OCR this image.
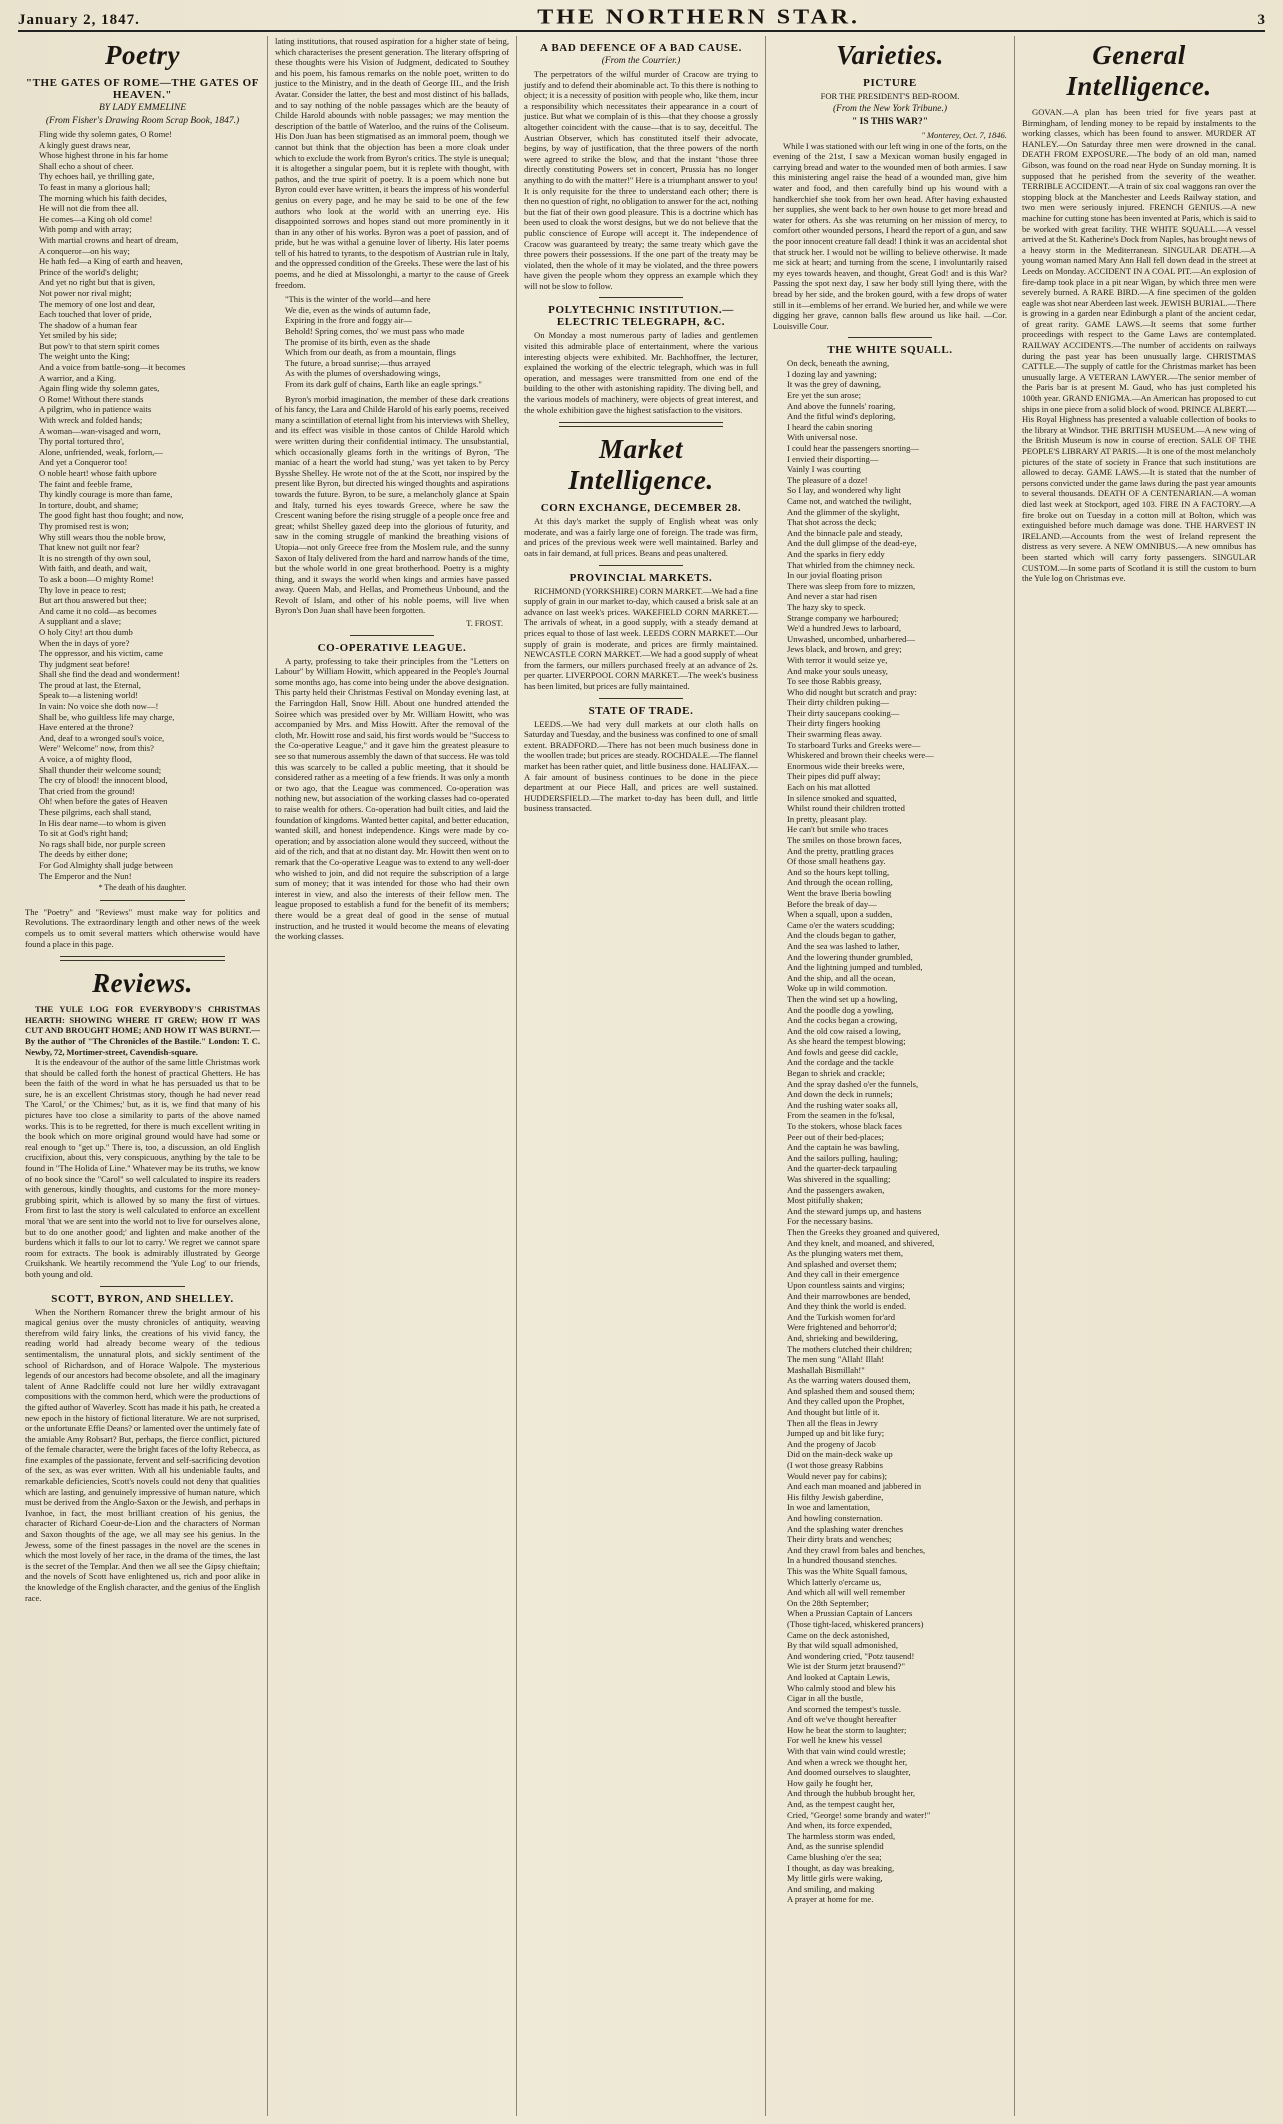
January 2, 1847.	THE NORTHERN STAR.	3
Poetry
"THE GATES OF ROME—THE GATES OF HEAVEN."
BY LADY EMMELINE
(From Fisher's Drawing Room Scrap Book, 1847.)
Fling wide thy solemn gates, O Rome!
A kingly guest draws near,
Whose highest throne in his far home
Shall echo a shout of cheer.
Thy echoes hail, ye thrilling gate,
To feast in many a glorious hall;
The morning which his faith decides,
He will not die from thee all.
He comes—a King oh old come!
With pomp and with array;
With martial crowns and heart of dream,
A conqueror—on his way;
He hath fed—a King of earth and heaven,
Prince of the world's delight;
And yet no right but that is given,
Not power nor rival might;
The memory of one lost and dear,
Each touched that lover of pride,
The shadow of a human fear
Yet smiled by his side;
But pow'r to that stern spirit comes
The weight unto the King;
And a voice from battle-song—it becomes
A warrior, and a King.
Again fling wide thy solemn gates,
O Rome! Without there stands
A pilgrim, who in patience waits
With wreck and folded hands;
A woman—wan-visaged and worn,
Thy portal tortured thro',
Alone, unfriended, weak, forlorn,—
And yet a Conqueror too!
O noble heart! whose faith upbore
The faint and feeble frame,
Thy kindly courage is more than fame,
In torture, doubt, and shame;
The good fight hast thou fought; and now,
Thy promised rest is won;
Why still wears thou the noble brow,
That knew not guilt nor fear?
It is no strength of thy own soul,
With faith, and death, and wait,
To ask a boon—O mighty Rome!
Thy love in peace to rest;
But art thou answered but thee;
And came it no cold—as becomes
A suppliant and a slave;
O holy City! art thou dumb
When the in days of yore?
The oppressor, and his victim, came
Thy judgment seat before!
Shall she find the dead and wonderment!
The proud at last, the Eternal,
Speak to—a listening world!
In vain: No voice she doth now—!
Shall be, who guiltless life may charge,
Have entered at the throne?
And, deaf to a wronged soul's voice,
Were" Welcome" now, from this?
A voice, a of mighty flood,
Shall thunder their welcome sound;
The cry of blood! the innocent blood,
That cried from the ground!
Oh! when before the gates of Heaven
These pilgrims, each shall stand,
In His dear name—to whom is given
To sit at God's right hand;
No rags shall bide, nor purple screen
The deeds by either done;
For God Almighty shall judge between
The Emperor and the Nun!
* The death of his daughter.
The "Poetry" and "Reviews" must make way for politics and Revolutions. The extraordinary length and other news of the week compels us to omit several matters which otherwise would have found a place in this page.
Reviews.
THE YULE LOG FOR EVERYBODY'S CHRISTMAS HEARTH: SHOWING WHERE IT GREW; HOW IT WAS CUT AND BROUGHT HOME; AND HOW IT WAS BURNT.—By the author of "The Chronicles of the Bastile." London: T. C. Newby, 72, Mortimer-street, Cavendish-square.
It is the endeavour of the author of the same little Christmas work that should be called forth the honest of practical Ghetters. He has been the faith of the word in what he has persuaded us that to be sure, he is an excellent Christmas story, though he had never read The 'Carol,' or the 'Chimes;' but, as it is, we find that many of his pictures have too close a similarity to parts of the above named works. This is to be regretted, for there is much excellent writing in the book which on more original ground would have had some or real enough to "get up." There is, too, a discussion, an old English crucifixion, about this, very conspicuous, anything by the tale to be found in "The Holida of Line." Whatever may be its truths, we know of no book since the "Carol" so well calculated to inspire its readers with generous, kindly thoughts, and customs for the more money-grubbing spirit, which is allowed by so many the first of virtues. From first to last the story is well calculated to enforce an excellent moral 'that we are sent into the world not to live for ourselves alone, but to do one another good;' and lighten and make another of the burdens which it falls to our lot to carry.' We regret we cannot spare room for extracts. The book is admirably illustrated by George Cruikshank. We heartily recommend the 'Yule Log' to our friends, both young and old.
SCOTT, BYRON, AND SHELLEY.
When the Northern Romancer threw the bright armour of his magical genius over the musty chronicles of antiquity, weaving therefrom wild fairy links, the creations of his vivid fancy, the reading world had already become weary of the tedious sentimentalism, the unnatural plots, and sickly sentiment of the school of Richardson, and of Horace Walpole. The mysterious legends of our ancestors had become obsolete, and all the imaginary talent of Anne Radcliffe could not lure her wildly extravagant compositions with the common herd, which were the productions of the gifted author of Waverley. Scott has made it his path, he created a new epoch in the history of fictional literature. We are not surprised, or the unfortunate Effie Deans? or lamented over the untimely fate of the amiable Amy Robsart? But, perhaps, the fierce conflict, pictured of the female character, were the bright faces of the lofty Rebecca, as fine examples of the passionate, fervent and self-sacrificing devotion of the sex, as was ever written. With all his undeniable faults, and remarkable deficiencies, Scott's novels could not deny that qualities which are lasting, and genuinely impressive of human nature, which must be derived from the Anglo-Saxon or the Jewish, and perhaps in Ivanhoe, in fact, the most brilliant creation of his genius, the character of Richard Coeur-de-Lion and the characters of Norman and Saxon thoughts of the age, we all may see his genius. In the Jewess, some of the finest passages in the novel are the scenes in which the most lovely of her race, in the drama of the times, the last is the secret of the Templar. And then we all see the Gipsy chieftain; and the novels of Scott have enlightened us, rich and poor alike in the knowledge of the English character, and the genius of the English race.
lating institutions, that roused aspiration for a higher state of being, which characterises the present generation. The literary offspring of these thoughts were his Vision of Judgment, dedicated to Southey and his poem, his famous remarks on the noble poet, written to do justice to the Ministry, and in the death of George III., and the Irish Avatar. Consider the latter, the best and most distinct of his ballads, and to say nothing of the noble passages which are the beauty of Childe Harold abounds with noble passages; we may mention the description of the battle of Waterloo, and the ruins of the Coliseum. His Don Juan has been stigmatised as an immoral poem, though we cannot but think that the objection has been a more cloak under which to exclude the work from Byron's critics. The style is unequal; it is altogether a singular poem, but it is replete with thought, with pathos, and the true spirit of poetry. It is a poem which none but Byron could ever have written, it bears the impress of his wonderful genius on every page, and he may be said to be one of the few authors who look at the world with an unerring eye. His disappointed sorrows and hopes stand out more prominently in it than in any other of his works. Byron was a poet of passion, and of pride, but he was withal a genuine lover of liberty. His later poems tell of his hatred to tyrants, to the despotism of Austrian rule in Italy, and the oppressed condition of the Greeks. These were the last of his poems, and he died at Missolonghi, a martyr to the cause of Greek freedom.
"This is the winter of the world—and here
We die, even as the winds of autumn fade,
Expiring in the frore and foggy air—
Behold! Spring comes, tho' we must pass who made
The promise of its birth, even as the shade
Which from our death, as from a mountain, flings
The future, a broad sunrise;—thus arrayed
As with the plumes of overshadowing wings,
From its dark gulf of chains, Earth like an eagle springs."
Byron's morbid imagination, the member of these dark creations of his fancy, the Lara and Childe Harold of his early poems, received many a scintillation of eternal light from his interviews with Shelley, and its effect was visible in those cantos of Childe Harold which were written during their confidential intimacy. The unsubstantial, which occasionally gleams forth in the writings of Byron, 'The maniac of a heart the world had stung,' was yet taken to by Percy Bysshe Shelley. He wrote not of the at the Scott, nor inspired by the present like Byron, but directed his winged thoughts and aspirations towards the future. Byron, to be sure, a melancholy glance at Spain and Italy, turned his eyes towards Greece, where he saw the Crescent waning before the rising struggle of a people once free and great; whilst Shelley gazed deep into the glorious of futurity, and saw in the coming struggle of mankind the breathing visions of Utopia—not only Greece free from the Moslem rule, and the sunny Saxon of Italy delivered from the hard and narrow hands of the time, but the whole world in one great brotherhood. Poetry is a mighty thing, and it sways the world when kings and armies have passed away. Queen Mab, and Hellas, and Prometheus Unbound, and the Revolt of Islam, and other of his noble poems, will live when Byron's Don Juan shall have been forgotten.
T. FROST.
CO-OPERATIVE LEAGUE.
A party, professing to take their principles from the "Letters on Labour" by William Howitt, which appeared in the People's Journal some months ago, has come into being under the above designation. This party held their Christmas Festival on Monday evening last, at the Farringdon Hall, Snow Hill. About one hundred attended the Soiree which was presided over by Mr. William Howitt, who was accompanied by Mrs. and Miss Howitt. After the removal of the cloth, Mr. Howitt rose and said, his first words would be "Success to the Co-operative League," and it gave him the greatest pleasure to see so that numerous assembly the dawn of that success. He was told this was scarcely to be called a public meeting, that it should be considered rather as a meeting of a few friends. It was only a month or two ago, that the League was commenced. Co-operation was nothing new, but association of the working classes had co-operated to raise wealth for others. Co-operation had built cities, and laid the foundation of kingdoms. Wanted better capital, and better education, wanted skill, and honest independence. Kings were made by co-operation; and by association alone would they succeed, without the aid of the rich, and that at no distant day. Mr. Howitt then went on to remark that the Co-operative League was to extend to any well-doer who wished to join, and did not require the subscription of a large sum of money; that it was intended for those who had their own interest in view, and also the interests of their fellow men. The league proposed to establish a fund for the benefit of its members; there would be a great deal of good in the sense of mutual instruction, and he trusted it would become the means of elevating the working classes.
A BAD DEFENCE OF A BAD CAUSE.
(From the Courrier.)
The perpetrators of the wilful murder of Cracow are trying to justify and to defend their abominable act. To this there is nothing to object; it is a necessity of position with people who, like them, incur a responsibility which necessitates their appearance in a court of justice. But what we complain of is this—that they choose a grossly altogether coincident with the cause—that is to say, deceitful. The Austrian Observer, which has constituted itself their advocate, begins, by way of justification, that the three powers of the north were agreed to strike the blow, and that the instant "those three directly constituting Powers set in concert, Prussia has no longer anything to do with the matter!" Here is a triumphant answer to you! It is only requisite for the three to understand each other; there is then no question of right, no obligation to answer for the act, nothing but the fiat of their own good pleasure. This is a doctrine which has been used to cloak the worst designs, but we do not believe that the public conscience of Europe will accept it. The independence of Cracow was guaranteed by treaty; the same treaty which gave the three powers their possessions. If the one part of the treaty may be violated, then the whole of it may be violated, and the three powers have given the people whom they oppress an example which they will not be slow to follow.
POLYTECHNIC INSTITUTION.—ELECTRIC TELEGRAPH, &C.
On Monday a most numerous party of ladies and gentlemen visited this admirable place of entertainment, where the various interesting objects were exhibited. Mr. Bachhoffner, the lecturer, explained the working of the electric telegraph, which was in full operation, and messages were transmitted from one end of the building to the other with astonishing rapidity. The diving bell, and the various models of machinery, were objects of great interest, and the whole exhibition gave the highest satisfaction to the visitors.
Market Intelligence.
CORN EXCHANGE, DECEMBER 28.
At this day's market the supply of English wheat was only moderate, and was a fairly large one of foreign. The trade was firm, and prices of the previous week were well maintained. Barley and oats in fair demand, at full prices. Beans and peas unaltered.
PROVINCIAL MARKETS.
RICHMOND (YORKSHIRE) CORN MARKET.—We had a fine supply of grain in our market to-day, which caused a brisk sale at an advance on last week's prices. WAKEFIELD CORN MARKET.—The arrivals of wheat, in a good supply, with a steady demand at prices equal to those of last week. LEEDS CORN MARKET.—Our supply of grain is moderate, and prices are firmly maintained. NEWCASTLE CORN MARKET.—We had a good supply of wheat from the farmers, our millers purchased freely at an advance of 2s. per quarter. LIVERPOOL CORN MARKET.—The week's business has been limited, but prices are fully maintained.
STATE OF TRADE.
LEEDS.—We had very dull markets at our cloth halls on Saturday and Tuesday, and the business was confined to one of small extent. BRADFORD.—There has not been much business done in the woollen trade; but prices are steady. ROCHDALE.—The flannel market has been rather quiet, and little business done. HALIFAX.—A fair amount of business continues to be done in the piece department at our Piece Hall, and prices are well sustained. HUDDERSFIELD.—The market to-day has been dull, and little business transacted.
Varieties.
PICTURE
FOR THE PRESIDENT'S BED-ROOM.
(From the New York Tribune.)
" IS THIS WAR?"
" Monterey, Oct. 7, 1846.
While I was stationed with our left wing in one of the forts, on the evening of the 21st, I saw a Mexican woman busily engaged in carrying bread and water to the wounded men of both armies. I saw this ministering angel raise the head of a wounded man, give him water and food, and then carefully bind up his wound with a handkerchief she took from her own head. After having exhausted her supplies, she went back to her own house to get more bread and water for others. As she was returning on her mission of mercy, to comfort other wounded persons, I heard the report of a gun, and saw the poor innocent creature fall dead! I think it was an accidental shot that struck her. I would not be willing to believe otherwise. It made me sick at heart; and turning from the scene, I involuntarily raised my eyes towards heaven, and thought, Great God! and is this War? Passing the spot next day, I saw her body still lying there, with the bread by her side, and the broken gourd, with a few drops of water still in it—emblems of her errand. We buried her, and while we were digging her grave, cannon balls flew around us like hail. —Cor. Louisville Cour.
THE WHITE SQUALL.
On deck, beneath the awning,
I dozing lay and yawning;
It was the grey of dawning,
Ere yet the sun arose;
And above the funnels' roaring,
And the fitful wind's deploring,
I heard the cabin snoring
With universal nose.
I could hear the passengers snorting—
I envied their disporting—
Vainly I was courting
The pleasure of a doze!
So I lay, and wondered why light
Came not, and watched the twilight,
And the glimmer of the skylight,
That shot across the deck;
And the binnacle pale and steady,
And the dull glimpse of the dead-eye,
And the sparks in fiery eddy
That whirled from the chimney neck.
In our jovial floating prison
There was sleep from fore to mizzen,
And never a star had risen
The hazy sky to speck.
Strange company we harboured;
We'd a hundred Jews to larboard,
Unwashed, uncombed, unbarbered—
Jews black, and brown, and grey;
With terror it would seize ye,
And make your souls uneasy,
To see those Rabbis greasy,
Who did nought but scratch and pray:
Their dirty children puking—
Their dirty saucepans cooking—
Their dirty fingers hooking
Their swarming fleas away.
To starboard Turks and Greeks were—
Whiskered and brown their cheeks were—
Enormous wide their breeks were,
Their pipes did puff alway;
Each on his mat allotted
In silence smoked and squatted,
Whilst round their children trotted
In pretty, pleasant play.
He can't but smile who traces
The smiles on those brown faces,
And the pretty, prattling graces
Of those small heathens gay.
And so the hours kept tolling,
And through the ocean rolling,
Went the brave Iberia bowling
Before the break of day—
When a squall, upon a sudden,
Came o'er the waters scudding;
And the clouds began to gather,
And the sea was lashed to lather,
And the lowering thunder grumbled,
And the lightning jumped and tumbled,
And the ship, and all the ocean,
Woke up in wild commotion.
Then the wind set up a howling,
And the poodle dog a yowling,
And the cocks began a crowing,
And the old cow raised a lowing,
As she heard the tempest blowing;
And fowls and geese did cackle,
And the cordage and the tackle
Began to shriek and crackle;
And the spray dashed o'er the funnels,
And down the deck in runnels;
And the rushing water soaks all,
From the seamen in the fo'ksal,
To the stokers, whose black faces
Peer out of their bed-places;
And the captain he was bawling,
And the sailors pulling, hauling;
And the quarter-deck tarpauling
Was shivered in the squalling;
And the passengers awaken,
Most pitifully shaken;
And the steward jumps up, and hastens
For the necessary basins.
Then the Greeks they groaned and quivered,
And they knelt, and moaned, and shivered,
As the plunging waters met them,
And splashed and overset them;
And they call in their emergence
Upon countless saints and virgins;
And their marrowbones are bended,
And they think the world is ended.
And the Turkish women for'ard
Were frightened and behorror'd;
And, shrieking and bewildering,
The mothers clutched their children;
The men sung "Allah! Illah!
Mashallah Bismillah!"
As the warring waters doused them,
And splashed them and soused them;
And they called upon the Prophet,
And thought but little of it.
Then all the fleas in Jewry
Jumped up and bit like fury;
And the progeny of Jacob
Did on the main-deck wake up
(I wot those greasy Rabbins
Would never pay for cabins);
And each man moaned and jabbered in
His filthy Jewish gaberdine,
In woe and lamentation,
And howling consternation.
And the splashing water drenches
Their dirty brats and wenches;
And they crawl from bales and benches,
In a hundred thousand stenches.
This was the White Squall famous,
Which latterly o'ercame us,
And which all will well remember
On the 28th September;
When a Prussian Captain of Lancers
(Those tight-laced, whiskered prancers)
Came on the deck astonished,
By that wild squall admonished,
And wondering cried, "Potz tausend!
Wie ist der Sturm jetzt brausend?"
And looked at Captain Lewis,
Who calmly stood and blew his
Cigar in all the bustle,
And scorned the tempest's tussle.
And oft we've thought hereafter
How he beat the storm to laughter;
For well he knew his vessel
With that vain wind could wrestle;
And when a wreck we thought her,
And doomed ourselves to slaughter,
How gaily he fought her,
And through the hubbub brought her,
And, as the tempest caught her,
Cried, "George! some brandy and water!"
And when, its force expended,
The harmless storm was ended,
And, as the sunrise splendid
Came blushing o'er the sea;
I thought, as day was breaking,
My little girls were waking,
And smiling, and making
A prayer at home for me.
General Intelligence.
GOVAN.—A plan has been tried for five years past at Birmingham, of lending money to be repaid by instalments to the working classes, which has been found to answer. MURDER AT HANLEY.—On Saturday three men were drowned in the canal. DEATH FROM EXPOSURE.—The body of an old man, named Gibson, was found on the road near Hyde on Sunday morning. It is supposed that he perished from the severity of the weather. TERRIBLE ACCIDENT.—A train of six coal waggons ran over the stopping block at the Manchester and Leeds Railway station, and two men were seriously injured. FRENCH GENIUS.—A new machine for cutting stone has been invented at Paris, which is said to be worked with great facility. THE WHITE SQUALL.—A vessel arrived at the St. Katherine's Dock from Naples, has brought news of a heavy storm in the Mediterranean. SINGULAR DEATH.—A young woman named Mary Ann Hall fell down dead in the street at Leeds on Monday. ACCIDENT IN A COAL PIT.—An explosion of fire-damp took place in a pit near Wigan, by which three men were severely burned. A RARE BIRD.—A fine specimen of the golden eagle was shot near Aberdeen last week. JEWISH BURIAL.—There is growing in a garden near Edinburgh a plant of the ancient cedar, of great rarity. GAME LAWS.—It seems that some further proceedings with respect to the Game Laws are contemplated. RAILWAY ACCIDENTS.—The number of accidents on railways during the past year has been unusually large. CHRISTMAS CATTLE.—The supply of cattle for the Christmas market has been unusually large. A VETERAN LAWYER.—The senior member of the Paris bar is at present M. Gaud, who has just completed his 100th year. GRAND ENIGMA.—An American has proposed to cut ships in one piece from a solid block of wood. PRINCE ALBERT.—His Royal Highness has presented a valuable collection of books to the library at Windsor. THE BRITISH MUSEUM.—A new wing of the British Museum is now in course of erection. SALE OF THE PEOPLE'S LIBRARY AT PARIS.—It is one of the most melancholy pictures of the state of society in France that such institutions are allowed to decay. GAME LAWS.—It is stated that the number of persons convicted under the game laws during the past year amounts to several thousands. DEATH OF A CENTENARIAN.—A woman died last week at Stockport, aged 103. FIRE IN A FACTORY.—A fire broke out on Tuesday in a cotton mill at Bolton, which was extinguished before much damage was done. THE HARVEST IN IRELAND.—Accounts from the west of Ireland represent the distress as very severe. A NEW OMNIBUS.—A new omnibus has been started which will carry forty passengers. SINGULAR CUSTOM.—In some parts of Scotland it is still the custom to burn the Yule log on Christmas eve.
